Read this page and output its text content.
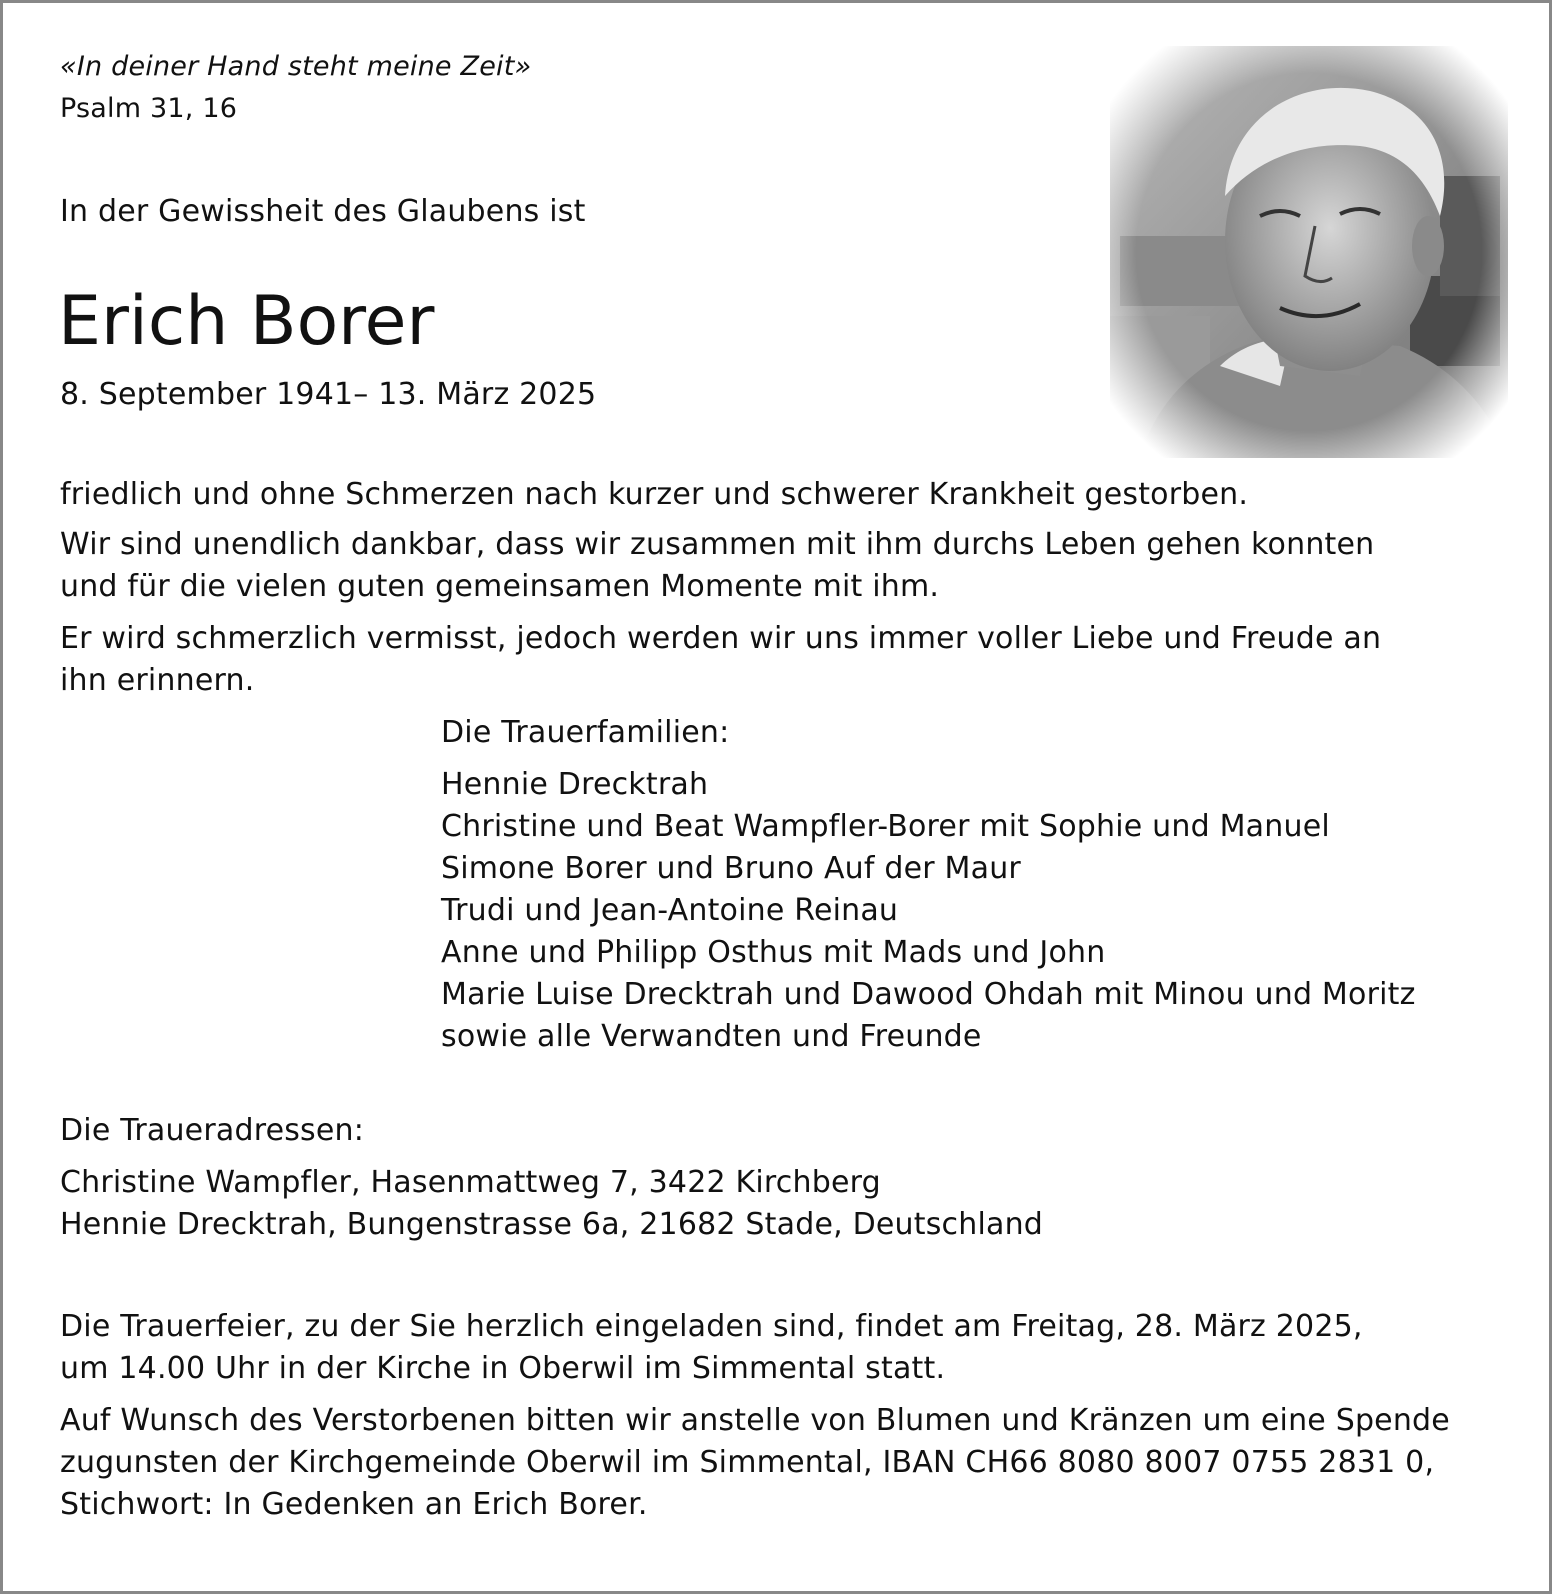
«In deiner Hand steht meine Zeit»
Psalm 31, 16
In der Gewissheit des Glaubens ist
Erich Borer
8. September 1941– 13. März 2025
friedlich und ohne Schmerzen nach kurzer und schwerer Krankheit gestorben.
Wir sind unendlich dankbar, dass wir zusammen mit ihm durchs Leben gehen konnten
und für die vielen guten gemeinsamen Momente mit ihm.
Er wird schmerzlich vermisst, jedoch werden wir uns immer voller Liebe und Freude an
ihn erinnern.
Die Trauerfamilien:
Hennie Drecktrah
Christine und Beat Wampfler-Borer mit Sophie und Manuel
Simone Borer und Bruno Auf der Maur
Trudi und Jean-Antoine Reinau
Anne und Philipp Osthus mit Mads und John
Marie Luise Drecktrah und Dawood Ohdah mit Minou und Moritz
sowie alle Verwandten und Freunde
Die Traueradressen:
Christine Wampfler, Hasenmattweg 7, 3422 Kirchberg
Hennie Drecktrah, Bungenstrasse 6a, 21682 Stade, Deutschland
Die Trauerfeier, zu der Sie herzlich eingeladen sind, findet am Freitag, 28. März 2025,
um 14.00 Uhr in der Kirche in Oberwil im Simmental statt.
Auf Wunsch des Verstorbenen bitten wir anstelle von Blumen und Kränzen um eine Spende
zugunsten der Kirchgemeinde Oberwil im Simmental, IBAN CH66 8080 8007 0755 2831 0,
Stichwort: In Gedenken an Erich Borer.
